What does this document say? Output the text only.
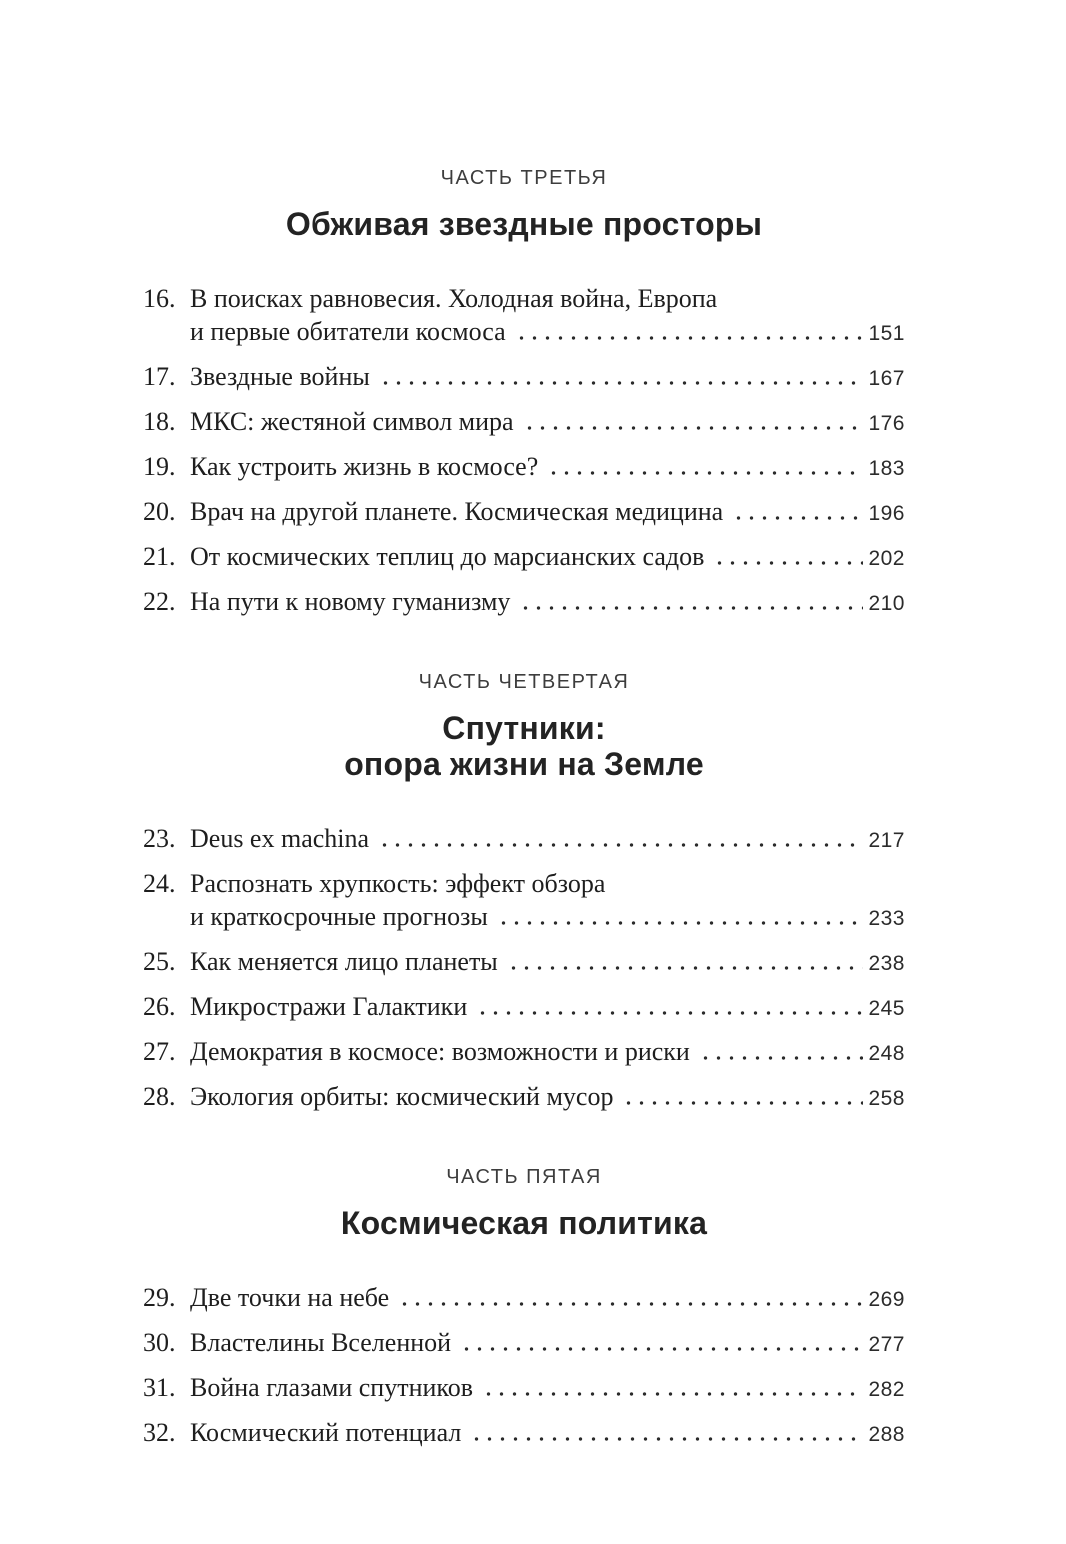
ЧАСТЬ ТРЕТЬЯ
Обживая звездные просторы
16. В поисках равновесия. Холодная война, Европа
и первые обитатели космоса	151
17. Звездные войны	167
18. МКС: жестяной символ мира	176
19. Как устроить жизнь в космосе?	183
20. Врач на другой планете. Космическая медицина	196
21. От космических теплиц до марсианских садов	202
22. На пути к новому гуманизму	210
ЧАСТЬ ЧЕТВЕРТАЯ
Спутники:
опора жизни на Земле
23. Deus ex machina	217
24. Распознать хрупкость: эффект обзора
и краткосрочные прогнозы	233
25. Как меняется лицо планеты	238
26. Микростражи Галактики	245
27. Демократия в космосе: возможности и риски	248
28. Экология орбиты: космический мусор	258
ЧАСТЬ ПЯТАЯ
Космическая политика
29. Две точки на небе	269
30. Властелины Вселенной	277
31. Война глазами спутников	282
32. Космический потенциал	288
